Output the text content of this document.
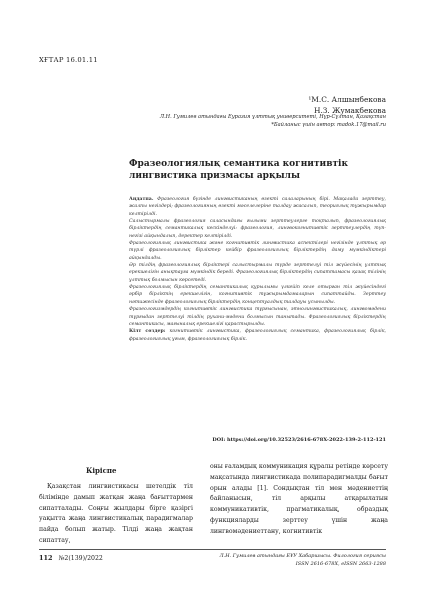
ХҒТАР 16.01.11
¹М.С. Алшынбекова
Н.З. Жумакбекова
Л.Н. Гумилев атындағы Еуразия ұлттық университеті, Нұр-Сұлтан, Қазақстан
*Байланыс үшін автор: madok.17@mail.ru
Фразеологиялық семантика когнитивтік лингвистика призмасы арқылы

Аңдатпа. Фразеология бүгінде лингвистиканың өзекті салаларының бірі. Мақалада зерттеу, жалпы негіздері; фразеологияның өзекті мәселелеріне талдау жасалып, теориялық тұжырымдар келтірілді.

Салыстырмалы фразеология саласындағы ғылыми зерттеулерге тоқталып, фразеологиялық бірліктердің семантикалық кескінделуі: фразеология, лингвокогнитивтік зерттеулердің түп-негізі айқындалып, деректер келтірілді.

Фразеологиялық лингвистика және когнитивтік лингвистика аспектілері негізінде ұлттық әр түрлі фразеологиялық бірліктер кейбір фразеологиялық бірліктердің даму мүмкіндіктері айқындалды.

Әр тілдің фразеологиялық бірліктері салыстырмалы түрде зерттелуі тіл жүйесінің ұлттық ерекшелігін анықтауға мүмкіндік береді. Фразеологиялық бірліктердің сипаттамасы қазақ тілінің ұлттық болмысын көрсетеді.

Фразеологиялық бірліктердің семантикалық құрылымы үлкейіп келе отырған тіл жүйесіндегі әрбір бірліктің ерекшелігін, когнитивтік тұжырымдамаларын сипаттайды. Зерттеу нәтижесінде фразеологиялық бірліктердің концептуалдық талдауы ұсынылды.

Фразеологизмдердің когнитивтік лингвистика тұрғысынан, этнолингвистикалық, лингвомәдени тұрғыдан зерттелуі тілдің рухани-мәдени болмысын танытады. Фразеологиялық бірліктердің семантикасы, мағыналық ерекшелігі қарастырылды.

Кілт сөздер: когнитивтік лингвистика, фразеологиялық семантика, фразеологиялық бірлік, фразеологиялық ұғым, фразеологиялық бірлік.

DOI: https://doi.org/10.32523/2616-678X-2022-139-2-112-121
Кіріспе
Қазақстан лингвистикасы шетелдік тіл білімінде дамып жатқан жаңа бағыттармен сипатталады. Соңғы жылдары бірге қазіргі уақытта жаңа лингвистикалық парадигмалар пайда болып жатыр. Тілді жаңа жақтан сипаттау,
оны ғаламдық коммуникация құралы ретінде көрсету мақсатында лингвистикада полипарадигмалды бағыт орын алады [1]. Сондықтан тіл мен мәдениеттің байланысын, тіл арқылы атқарылатын коммуникативтік, прагматикалық, образдық функцияларды зерттеу үшін жаңа лингвомәдениеттану, когнитивтік
112 №2(139)/2022	Л.Н. Гумилев атындағы ЕҰУ Хабаршысы. Филология сериясы
ISSN 2616-678X, eISSN 2663-1288
